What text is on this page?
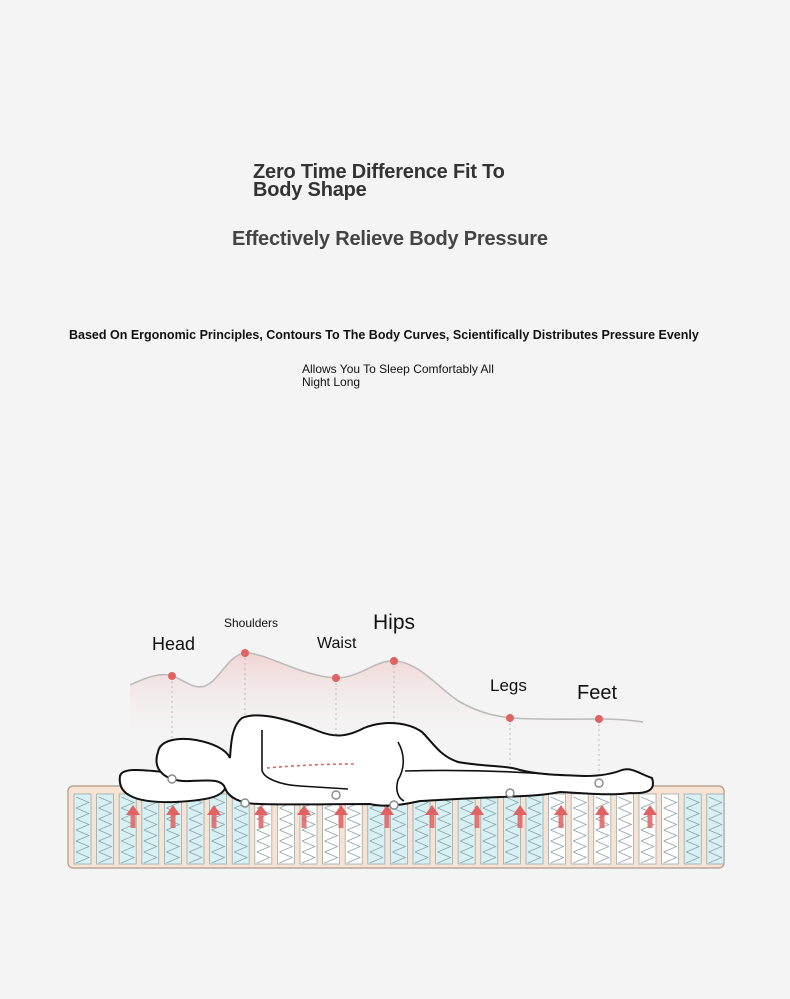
Zero Time Difference Fit To Body Shape
Effectively Relieve Body Pressure
Based On Ergonomic Principles, Contours To The Body Curves, Scientifically Distributes Pressure Evenly
Allows You To Sleep Comfortably All Night Long
Head
Shoulders
Waist
Hips
Legs	Feet
